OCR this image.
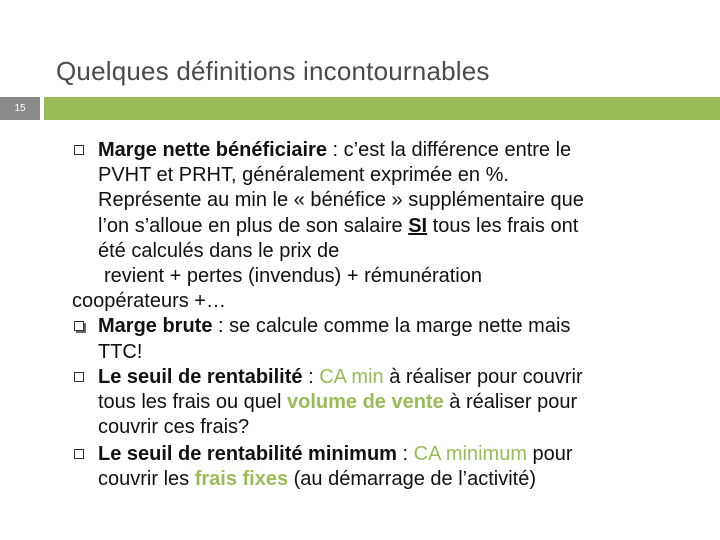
Quelques définitions incontournables
15
Marge nette bénéficiaire : c’est la différence entre le
PVHT et PRHT, généralement exprimée en %.
Représente au min le « bénéfice » supplémentaire que
l’on s’alloue en plus de son salaire SI tous les frais ont
été calculés dans le prix de
revient + pertes (invendus) + rémunération
coopérateurs +…
Marge brute : se calcule comme la marge nette mais
TTC!
Le seuil de rentabilité : CA min à réaliser pour couvrir
tous les frais ou quel volume de vente à réaliser pour
couvrir ces frais?
Le seuil de rentabilité minimum : CA minimum pour
couvrir les frais fixes (au démarrage de l’activité)
